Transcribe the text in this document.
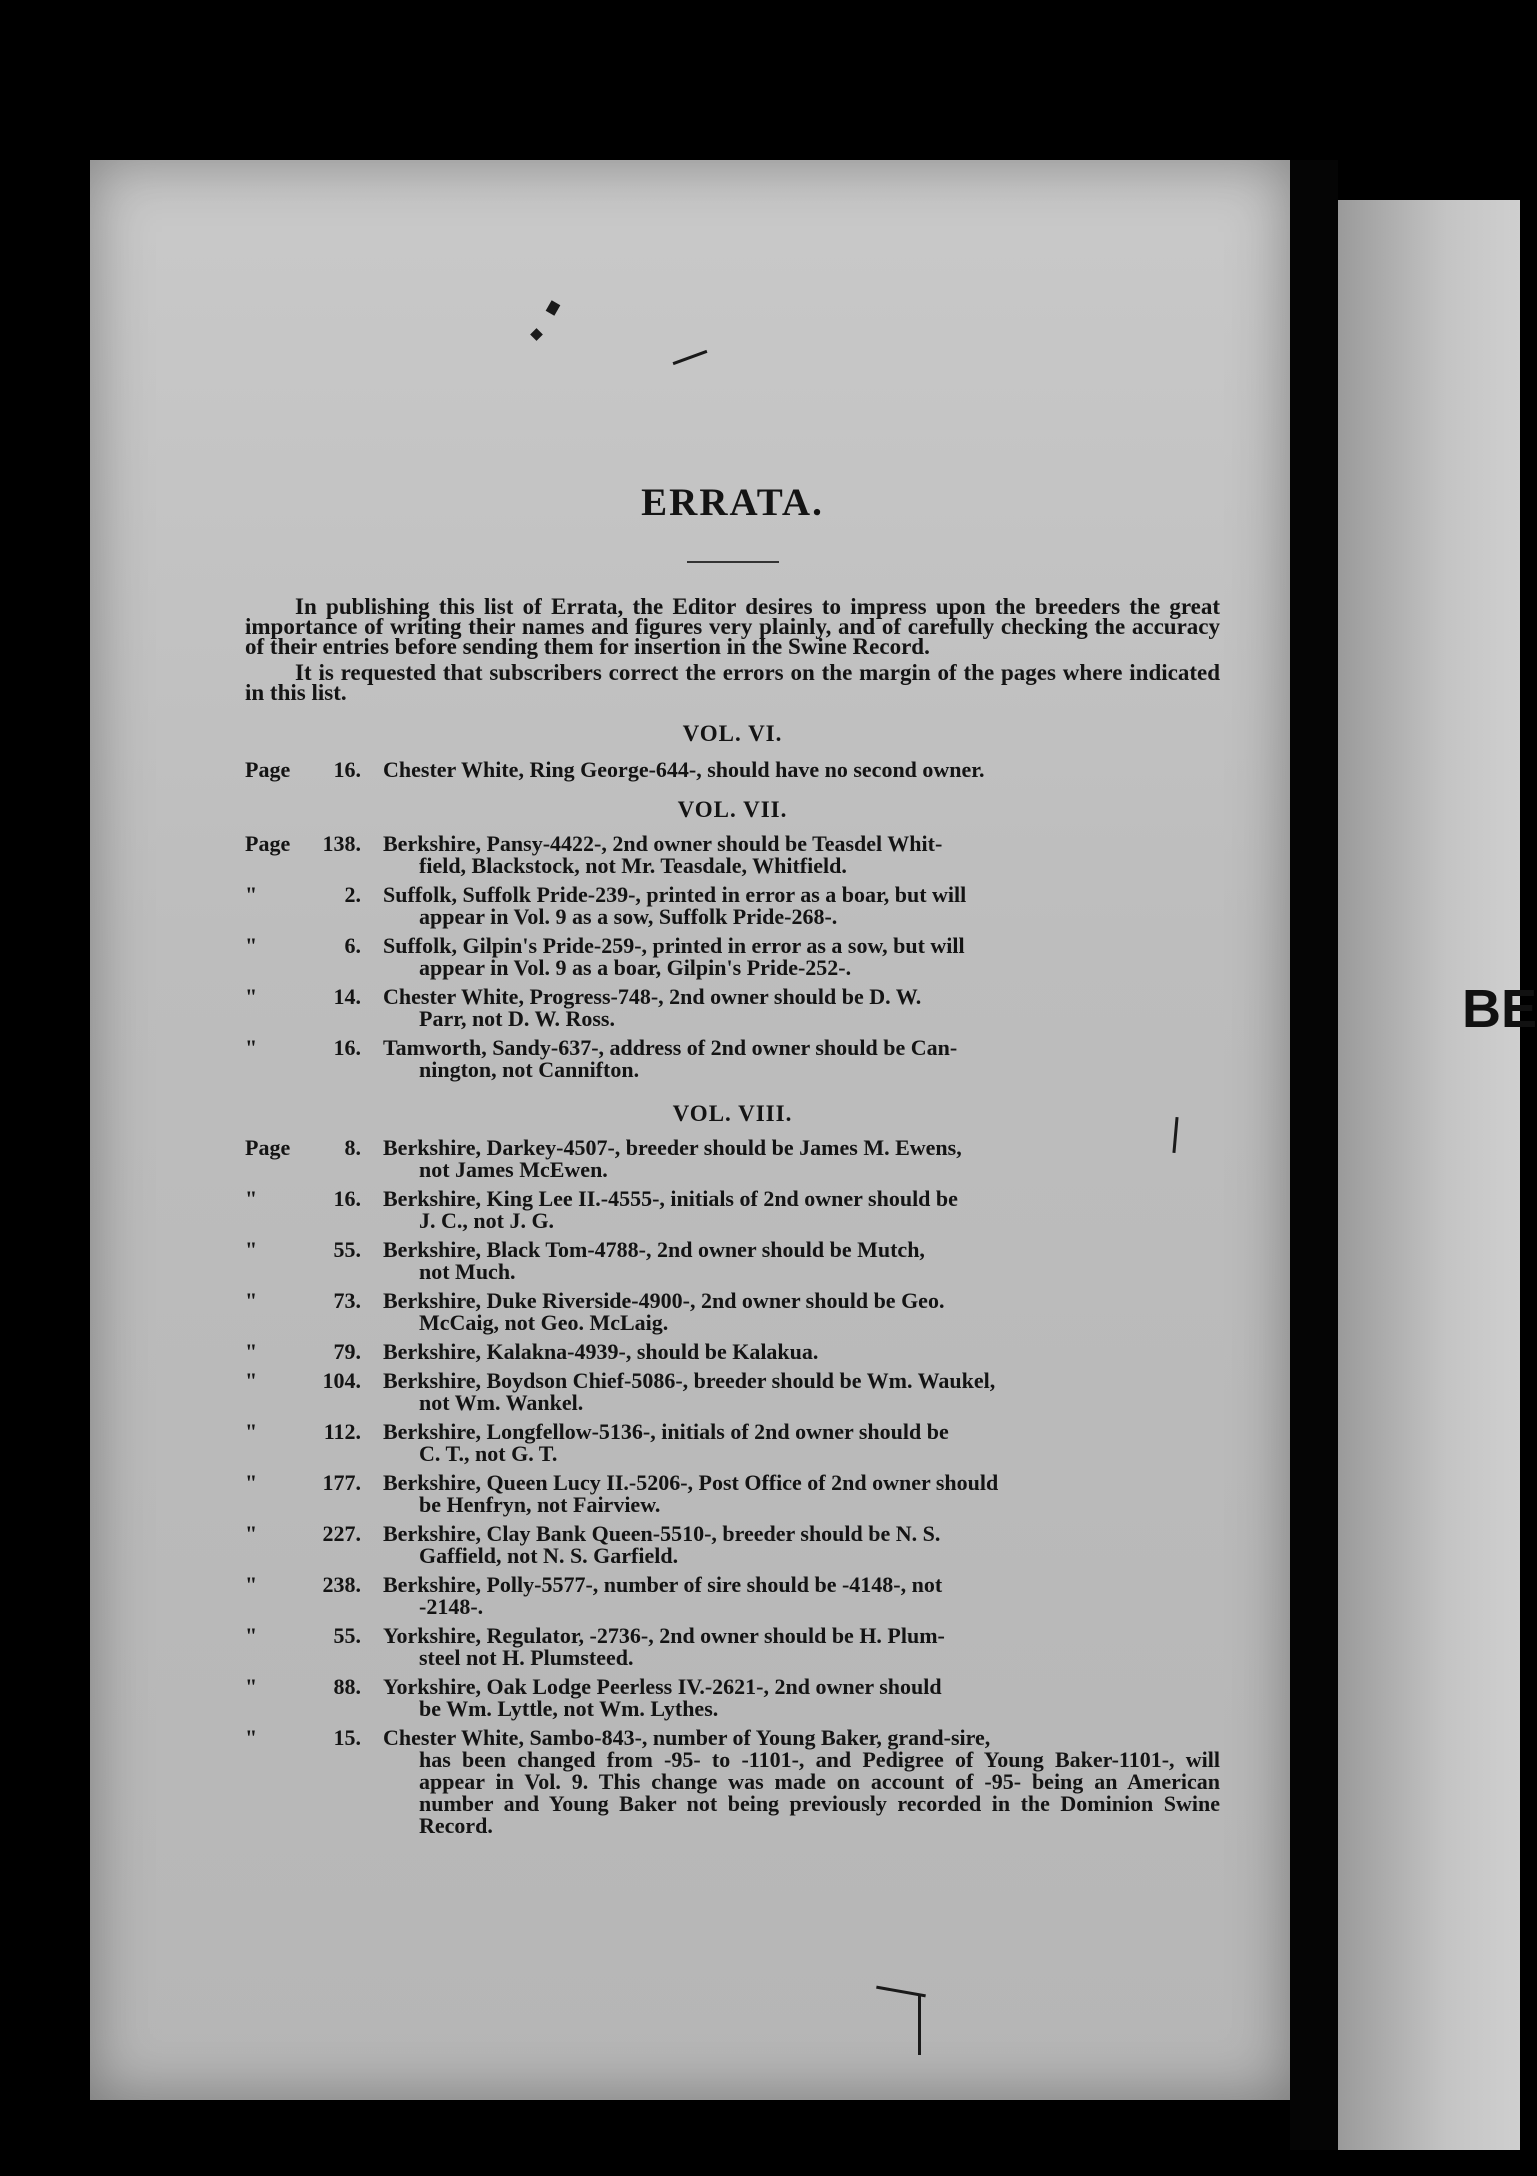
BE
ERRATA.

In publishing this list of Errata, the Editor desires to impress upon the breeders the great importance of writing their names and figures very plainly, and of carefully checking the accuracy of their entries before sending them for insertion in the Swine Record.

It is requested that subscribers correct the errors on the margin of the pages where indicated in this list.

VOL. VI.
Page	16.	Chester White, Ring George-644-, should have no second owner.
VOL. VII.
Page	138.	Berkshire, Pansy-4422-, 2nd owner should be Teasdel Whit-
field, Blackstock, not Mr. Teasdale, Whitfield.
"	2.	Suffolk, Suffolk Pride-239-, printed in error as a boar, but will
appear in Vol. 9 as a sow, Suffolk Pride-268-.
"	6.	Suffolk, Gilpin's Pride-259-, printed in error as a sow, but will
appear in Vol. 9 as a boar, Gilpin's Pride-252-.
"	14.	Chester White, Progress-748-, 2nd owner should be D. W.
Parr, not D. W. Ross.
"	16.	Tamworth, Sandy-637-, address of 2nd owner should be Can-
nington, not Cannifton.
VOL. VIII.
Page	8.	Berkshire, Darkey-4507-, breeder should be James M. Ewens,
not James McEwen.
"	16.	Berkshire, King Lee II.-4555-, initials of 2nd owner should be
J. C., not J. G.
"	55.	Berkshire, Black Tom-4788-, 2nd owner should be Mutch,
not Much.
"	73.	Berkshire, Duke Riverside-4900-, 2nd owner should be Geo.
McCaig, not Geo. McLaig.
"	79.	Berkshire, Kalakna-4939-, should be Kalakua.
"	104.	Berkshire, Boydson Chief-5086-, breeder should be Wm. Waukel,
not Wm. Wankel.
"	112.	Berkshire, Longfellow-5136-, initials of 2nd owner should be
C. T., not G. T.
"	177.	Berkshire, Queen Lucy II.-5206-, Post Office of 2nd owner should
be Henfryn, not Fairview.
"	227.	Berkshire, Clay Bank Queen-5510-, breeder should be N. S.
Gaffield, not N. S. Garfield.
"	238.	Berkshire, Polly-5577-, number of sire should be -4148-, not
-2148-.
"	55.	Yorkshire, Regulator, -2736-, 2nd owner should be H. Plum-
steel not H. Plumsteed.
"	88.	Yorkshire, Oak Lodge Peerless IV.-2621-, 2nd owner should
be Wm. Lyttle, not Wm. Lythes.
"	15.	Chester White, Sambo-843-, number of Young Baker, grand-sire,
has been changed from -95- to -1101-, and Pedigree of Young Baker-1101-, will appear in Vol. 9. This change was made on account of -95- being an American number and Young Baker not being previously recorded in the Dominion Swine Record.
